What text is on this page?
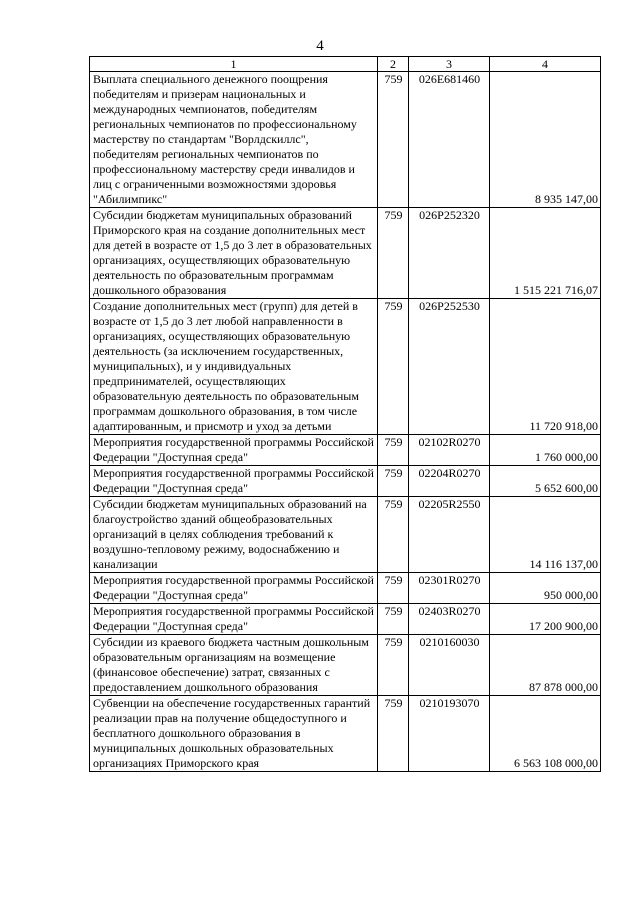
4
1	2	3	4
Выплата специального денежного поощрения победителям и призерам национальных и международных чемпионатов, победителям региональных чемпионатов по профессиональному мастерству по стандартам "Ворлдскиллс", победителям региональных чемпионатов по профессиональному мастерству среди инвалидов и лиц с ограниченными возможностями здоровья "Абилимпикс"	759	026E681460	8 935 147,00
Субсидии бюджетам муниципальных образований Приморского края на создание дополнительных мест для детей в возрасте от 1,5 до 3 лет в образовательных организациях, осуществляющих образовательную деятельность по образовательным программам дошкольного образования	759	026P252320	1 515 221 716,07
Создание дополнительных мест (групп) для детей в возрасте от 1,5 до 3 лет любой направленности в организациях, осуществляющих образовательную деятельность (за исключением государственных, муниципальных), и у индивидуальных предпринимателей, осуществляющих образовательную деятельность по образовательным программам дошкольного образования, в том числе адаптированным, и присмотр и уход за детьми	759	026P252530	11 720 918,00
Мероприятия государственной программы Российской Федерации "Доступная среда"	759	02102R0270	1 760 000,00
Мероприятия государственной программы Российской Федерации "Доступная среда"	759	02204R0270	5 652 600,00
Субсидии бюджетам муниципальных образований на благоустройство зданий общеобразовательных организаций в целях соблюдения требований к воздушно-тепловому режиму, водоснабжению и канализации	759	02205R2550	14 116 137,00
Мероприятия государственной программы Российской Федерации "Доступная среда"	759	02301R0270	950 000,00
Мероприятия государственной программы Российской Федерации "Доступная среда"	759	02403R0270	17 200 900,00
Субсидии из краевого бюджета частным дошкольным образовательным организациям на возмещение (финансовое обеспечение) затрат, связанных с предоставлением дошкольного образования	759	0210160030	87 878 000,00
Субвенции на обеспечение государственных гарантий реализации прав на получение общедоступного и бесплатного дошкольного образования в муниципальных дошкольных образовательных организациях Приморского края	759	0210193070	6 563 108 000,00
